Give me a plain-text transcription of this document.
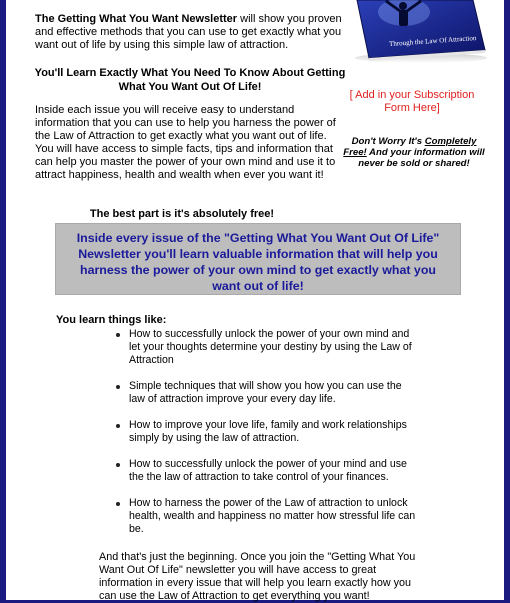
The Getting What You Want Newsletter will show you proven and effective methods that you can use to get exactly what you want out of life by using this simple law of attraction.
You'll Learn Exactly What You Need To Know About Getting What You Want Out Of Life!
Inside each issue you will receive easy to understand information that you can use to help you harness the power of the Law of Attraction to get exactly what you want out of life. You will have access to simple facts, tips and information that can help you master the power of your own mind and use it to attract happiness, health and wealth when ever you want it!
The best part is it's absolutely free!
Inside every issue of the "Getting What You Want Out Of Life" Newsletter you'll learn valuable information that will help you harness the power of your own mind to get exactly what you want out of life!
You learn things like:
How to successfully unlock the power of your own mind and let your thoughts determine your destiny by using the Law of Attraction
Simple techniques that will show you how you can use the law of attraction improve your every day life.
How to improve your love life, family and work relationships simply by using the law of attraction.
How to successfully unlock the power of your mind and use the the law of attraction to take control of your finances.
How to harness the power of the Law of attraction to unlock health, wealth and happiness no matter how stressful life can be.
And that's just the beginning. Once you join the "Getting What You Want Out Of Life" newsletter you will have access to great information in every issue that will help you learn exactly how you can use the Law of Attraction to get everything you want!
Through the Law Of Attraction
[ Add in your Subscription Form Here]
Don't Worry It's Completely Free! And your information will never be sold or shared!
